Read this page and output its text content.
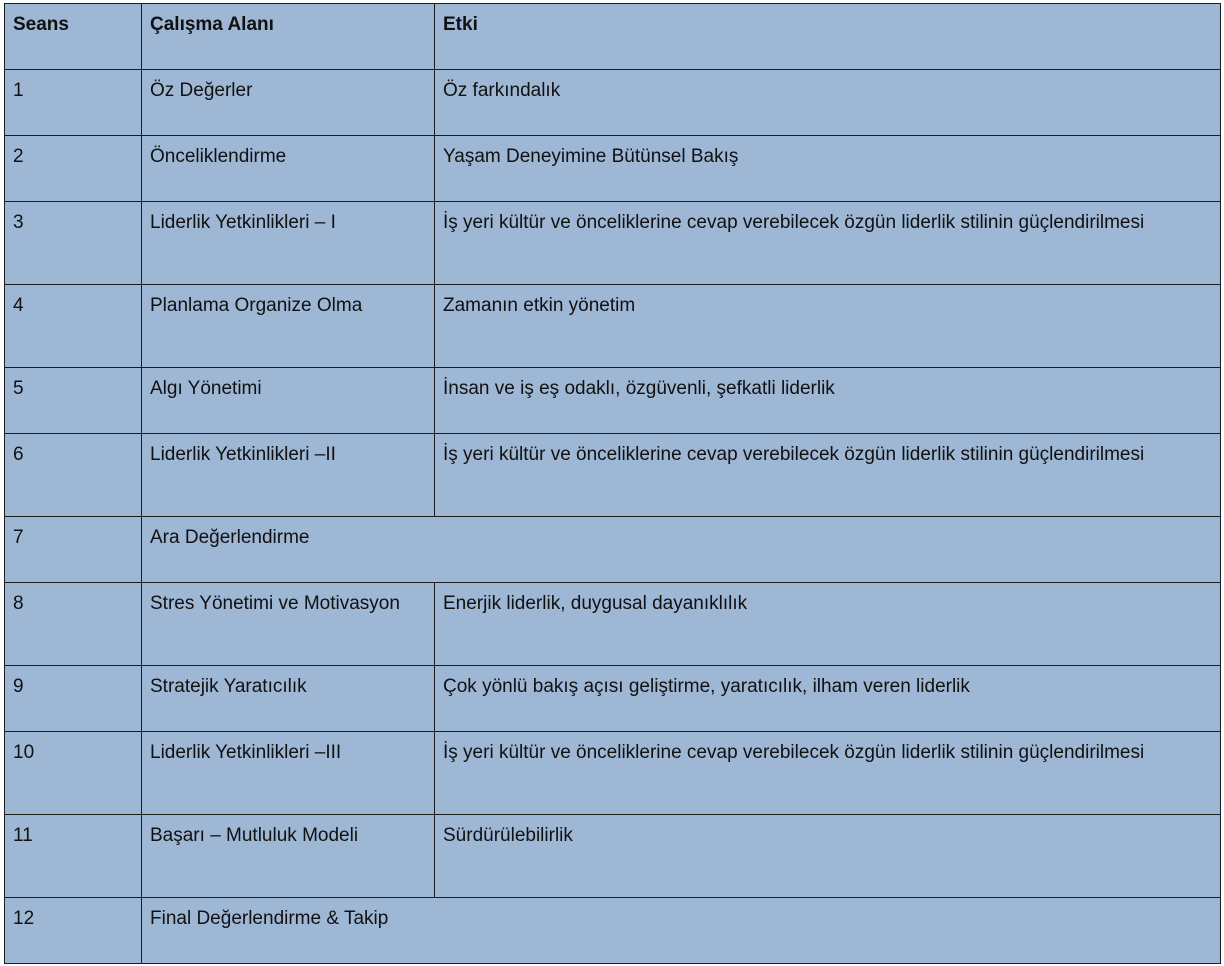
Seans	Çalışma Alanı	Etki
1	Öz Değerler	Öz farkındalık
2	Önceliklendirme	Yaşam Deneyimine Bütünsel Bakış
3	Liderlik Yetkinlikleri – I	İş yeri kültür ve önceliklerine cevap verebilecek özgün liderlik stilinin güçlendirilmesi
4	Planlama Organize Olma	Zamanın etkin yönetim
5	Algı Yönetimi	İnsan ve iş eş odaklı, özgüvenli, şefkatli liderlik
6	Liderlik Yetkinlikleri –II	İş yeri kültür ve önceliklerine cevap verebilecek özgün liderlik stilinin güçlendirilmesi
7	Ara Değerlendirme	
8	Stres Yönetimi ve Motivasyon	Enerjik liderlik, duygusal dayanıklılık
9	Stratejik Yaratıcılık	Çok yönlü bakış açısı geliştirme, yaratıcılık, ilham veren liderlik
10	Liderlik Yetkinlikleri –III	İş yeri kültür ve önceliklerine cevap verebilecek özgün liderlik stilinin güçlendirilmesi
11	Başarı – Mutluluk Modeli	Sürdürülebilirlik
12	Final Değerlendirme & Takip	
